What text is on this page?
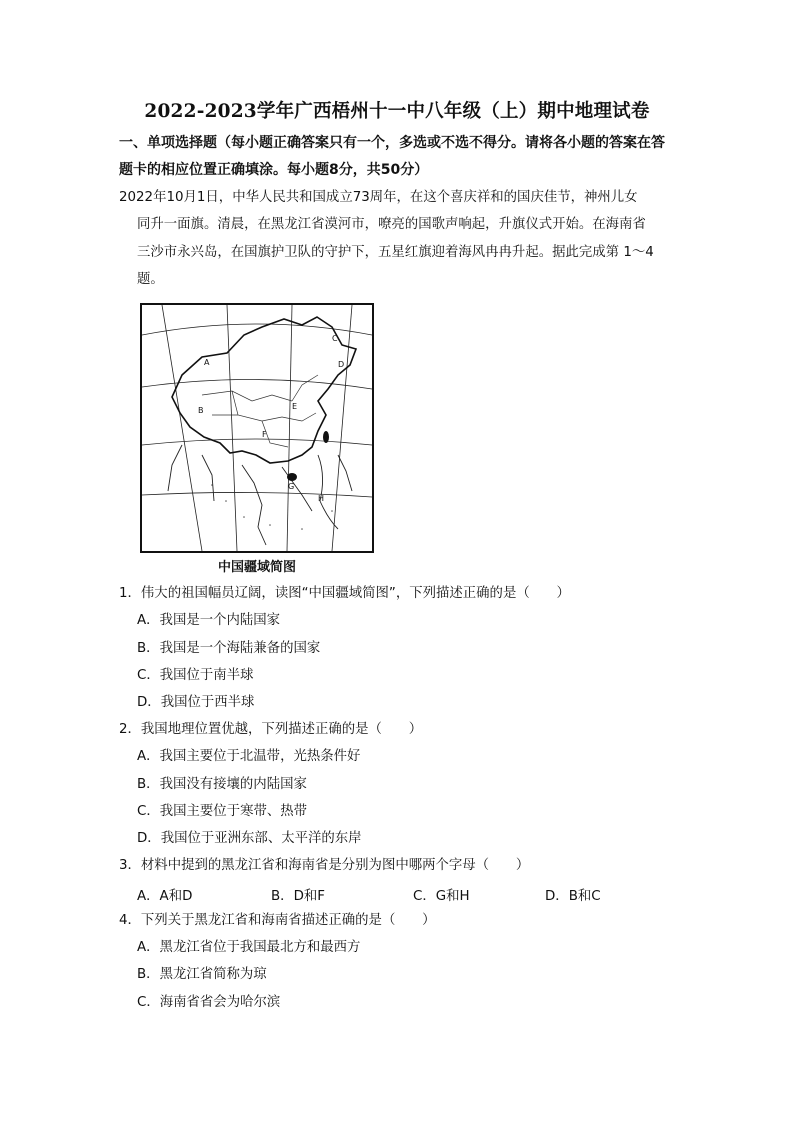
2022-2023学年广西梧州十一中八年级（上）期中地理试卷
一、单项选择题（每小题正确答案只有一个，多选或不选不得分。请将各小题的答案在答
题卡的相应位置正确填涂。每小题8分，共50分）
2022年10月1日，中华人民共和国成立73周年，在这个喜庆祥和的国庆佳节，神州儿女
同升一面旗。清晨，在黑龙江省漠河市，嘹亮的国歌声响起，升旗仪式开始。在海南省
三沙市永兴岛，在国旗护卫队的守护下，五星红旗迎着海风冉冉升起。据此完成第 1～4
题。
A
B
C
D
E
F
G
H
中国疆域简图
1．伟大的祖国幅员辽阔，读图“中国疆域简图”，下列描述正确的是（　　）
A．我国是一个内陆国家
B．我国是一个海陆兼备的国家
C．我国位于南半球
D．我国位于西半球
2．我国地理位置优越，下列描述正确的是（　　）
A．我国主要位于北温带，光热条件好
B．我国没有接壤的内陆国家
C．我国主要位于寒带、热带
D．我国位于亚洲东部、太平洋的东岸
3．材料中提到的黑龙江省和海南省是分别为图中哪两个字母（　　）
A．A和D	B．D和F	C．G和H	D．B和C
4．下列关于黑龙江省和海南省描述正确的是（　　）
A．黑龙江省位于我国最北方和最西方
B．黑龙江省简称为琼
C．海南省省会为哈尔滨
